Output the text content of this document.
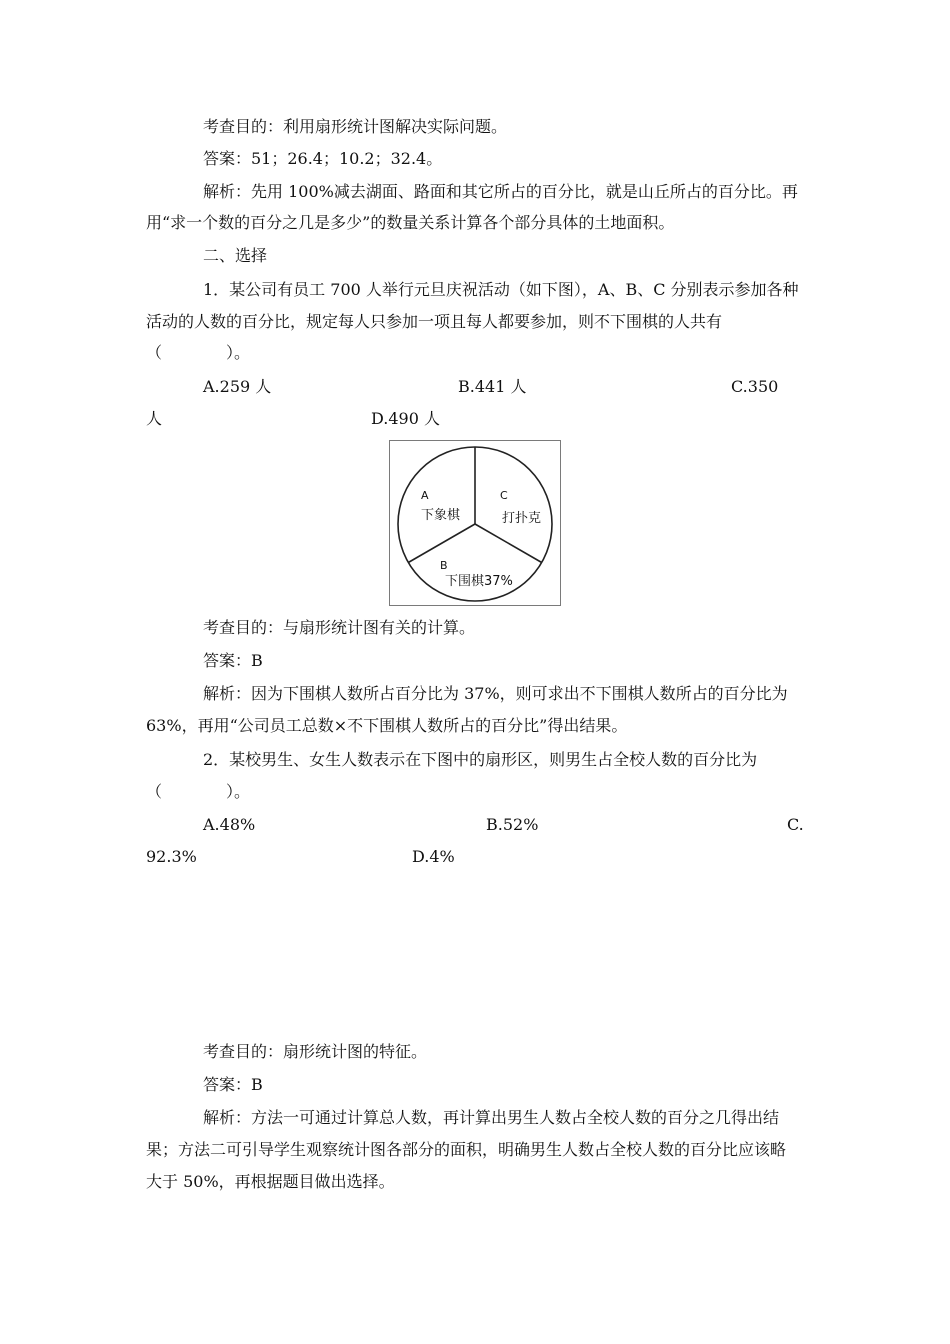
考查目的：利用扇形统计图解决实际问题。
答案：51；26.4；10.2；32.4。
解析：先用 100%减去湖面、路面和其它所占的百分比，就是山丘所占的百分比。再
用“求一个数的百分之几是多少”的数量关系计算各个部分具体的土地面积。
二、选择
1．某公司有员工 700 人举行元旦庆祝活动（如下图），A、B、C 分别表示参加各种
活动的人数的百分比，规定每人只参加一项且每人都要参加，则不下围棋的人共有
（　　　　）。
A.259 人	B.441 人	C.350
人	D.490 人
A
下象棋
C
打扑克
B
下围棋37%
考查目的：与扇形统计图有关的计算。
答案：B
解析：因为下围棋人数所占百分比为 37%，则可求出不下围棋人数所占的百分比为
63%，再用“公司员工总数×不下围棋人数所占的百分比”得出结果。
2．某校男生、女生人数表示在下图中的扇形区，则男生占全校人数的百分比为
（　　　　）。
A.48%	B.52%	C.
92.3%	D.4%
考查目的：扇形统计图的特征。
答案：B
解析：方法一可通过计算总人数，再计算出男生人数占全校人数的百分之几得出结
果；方法二可引导学生观察统计图各部分的面积，明确男生人数占全校人数的百分比应该略
大于 50%，再根据题目做出选择。
